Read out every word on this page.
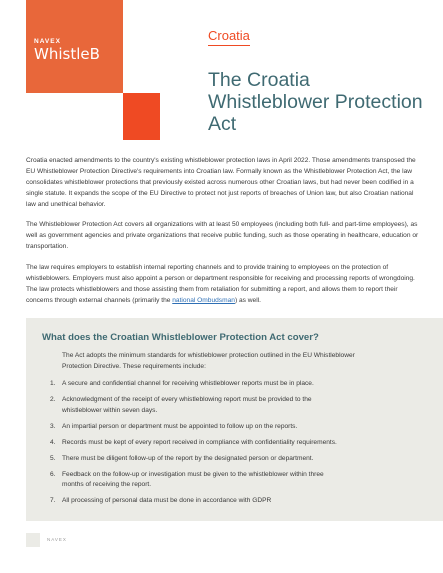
NAVEX
WhistleB
Croatia
The Croatia Whistleblower Protection Act

Croatia enacted amendments to the country's existing whistleblower protection laws in April 2022. Those amendments transposed the EU Whistleblower Protection Directive's requirements into Croatian law. Formally known as the Whistleblower Protection Act, the law consolidates whistleblower protections that previously existed across numerous other Croatian laws, but had never been codified in a single statute. It expands the scope of the EU Directive to protect not just reports of breaches of Union law, but also Croatian national law and unethical behavior.

The Whistleblower Protection Act covers all organizations with at least 50 employees (including both full- and part-time employees), as well as government agencies and private organizations that receive public funding, such as those operating in healthcare, education or transportation.

The law requires employers to establish internal reporting channels and to provide training to employees on the protection of whistleblowers. Employers must also appoint a person or department responsible for receiving and processing reports of wrongdoing. The law protects whistleblowers and those assisting them from retaliation for submitting a report, and allows them to report their concerns through external channels (primarily the national Ombudsman) as well.

What does the Croatian Whistleblower Protection Act cover?

The Act adopts the minimum standards for whistleblower protection outlined in the EU Whistleblower Protection Directive. These requirements include:

1. A secure and confidential channel for receiving whistleblower reports must be in place.
2. Acknowledgment of the receipt of every whistleblowing report must be provided to the whistleblower within seven days.
3. An impartial person or department must be appointed to follow up on the reports.
4. Records must be kept of every report received in compliance with confidentiality requirements.
5. There must be diligent follow-up of the report by the designated person or department.
6. Feedback on the follow-up or investigation must be given to the whistleblower within three months of receiving the report.
7. All processing of personal data must be done in accordance with GDPR
NAVEX
